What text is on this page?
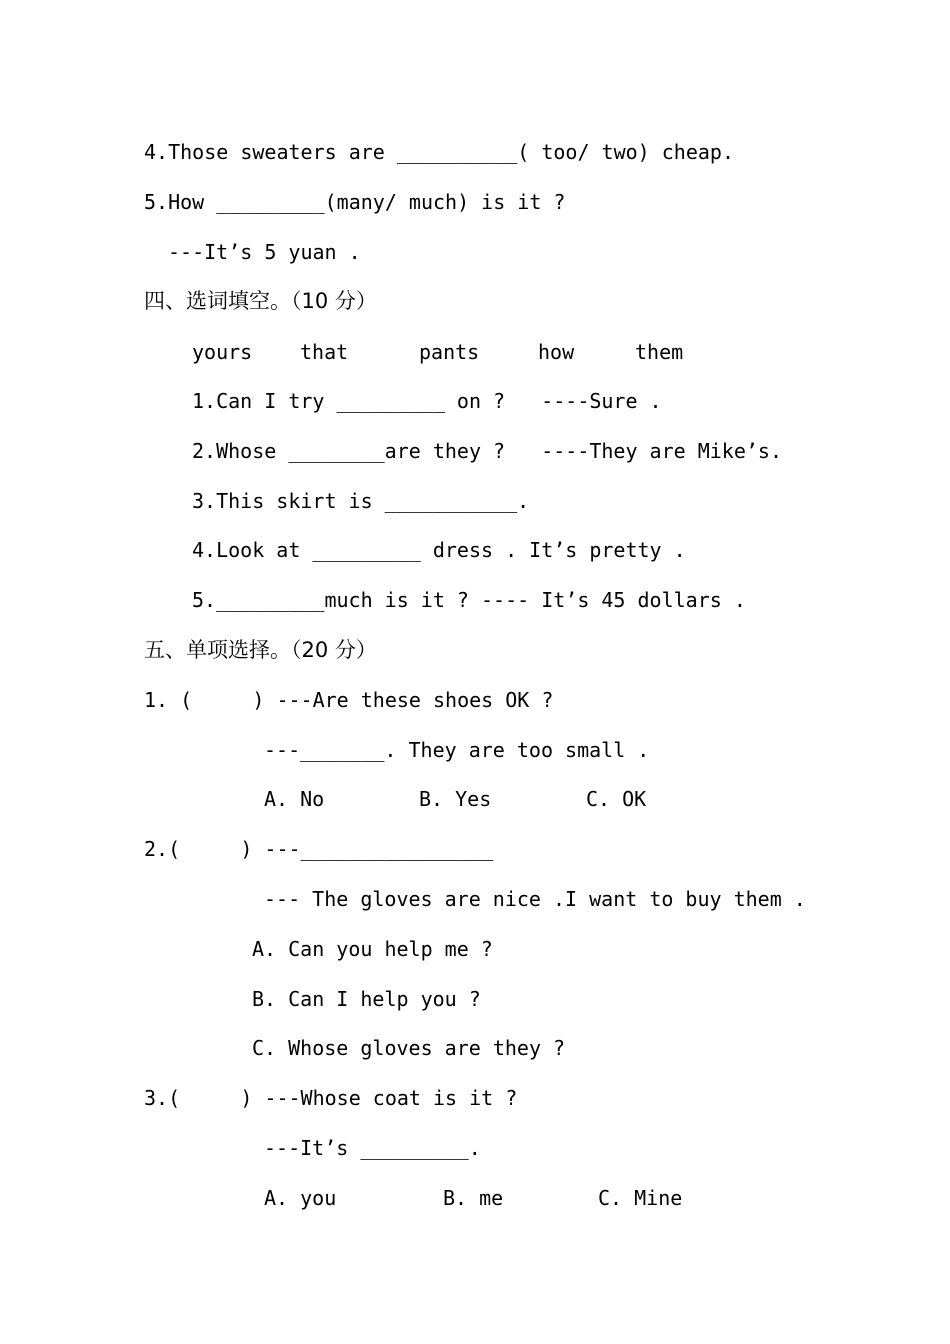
4.Those sweaters are __________( too/ two) cheap.
5.How _________(many/ much) is it ?
---It’s 5 yuan .
四、选词填空。（10 分）
yours that	pants	how	them
1.Can I try _________ on ?   ----Sure .
2.Whose ________are they ?   ----They are Mike’s.
3.This skirt is ___________.
4.Look at _________ dress . It’s pretty .
5._________much is it ? ---- It’s 45 dollars .
五、单项选择。（20 分）
1. (     ) ---Are these shoes OK ?
---_______. They are too small .
A. No	B. Yes	C. OK
2.(     ) ---________________
--- The gloves are nice .I want to buy them .
A. Can you help me ?
B. Can I help you ?
C. Whose gloves are they ?
3.(     ) ---Whose coat is it ?
---It’s _________.
A. you	B. me	C. Mine
